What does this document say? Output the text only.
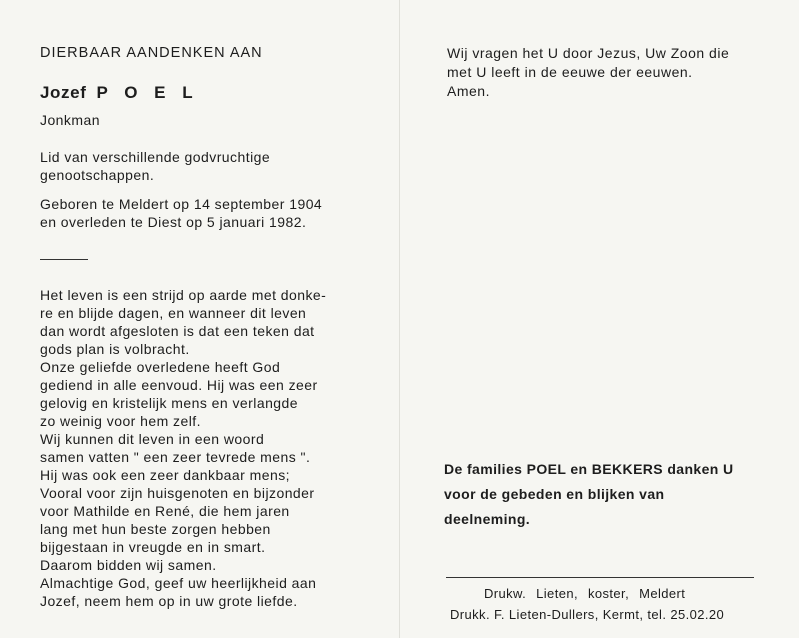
DIERBAAR AANDENKEN AAN
Jozef P O E L
Jonkman
Lid van verschillende godvruchtige
genootschappen.
Geboren te Meldert op 14 september 1904
en overleden te Diest op 5 januari 1982.
Het leven is een strijd op aarde met donke-
re en blijde dagen, en wanneer dit leven
dan wordt afgesloten is dat een teken dat
gods plan is volbracht.
Onze geliefde overledene heeft God
gediend in alle eenvoud. Hij was een zeer
gelovig en kristelijk mens en verlangde
zo weinig voor hem zelf.
Wij kunnen dit leven in een woord
samen vatten " een zeer tevrede mens ".
Hij was ook een zeer dankbaar mens;
Vooral voor zijn huisgenoten en bijzonder
voor Mathilde en René, die hem jaren
lang met hun beste zorgen hebben
bijgestaan in vreugde en in smart.
Daarom bidden wij samen.
Almachtige God, geef uw heerlijkheid aan
Jozef, neem hem op in uw grote liefde.
Wij vragen het U door Jezus, Uw Zoon die
met U leeft in de eeuwe der eeuwen.
Amen.
De families POEL en BEKKERS danken U
voor de gebeden en blijken van
deelneming.
Drukw. Lieten, koster, Meldert
Drukk. F. Lieten-Dullers, Kermt, tel. 25.02.20
